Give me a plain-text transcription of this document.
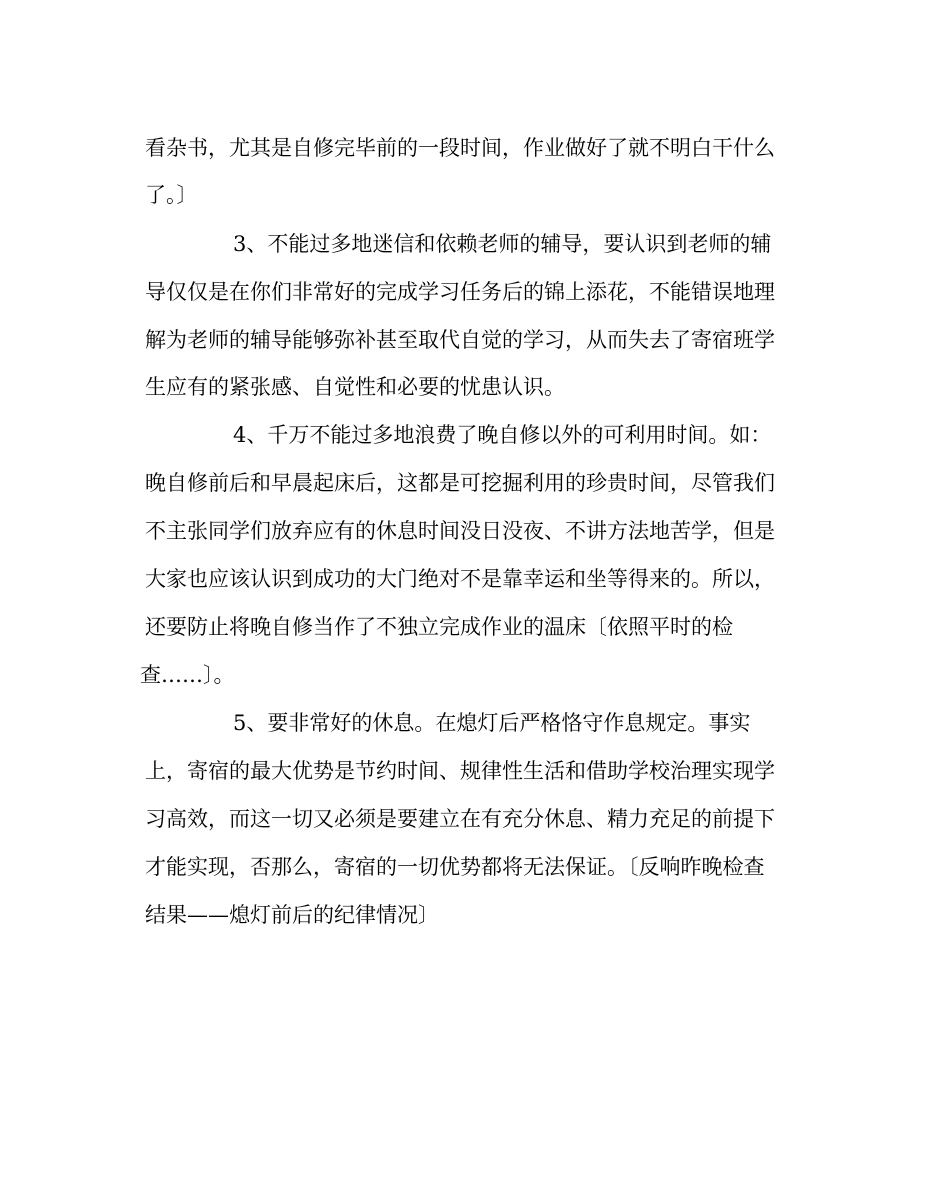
看杂书，尤其是自修完毕前的一段时间，作业做好了就不明白干什么
了。〕
3、不能过多地迷信和依赖老师的辅导，要认识到老师的辅
导仅仅是在你们非常好的完成学习任务后的锦上添花，不能错误地理
解为老师的辅导能够弥补甚至取代自觉的学习，从而失去了寄宿班学
生应有的紧张感、自觉性和必要的忧患认识。
4、千万不能过多地浪费了晚自修以外的可利用时间。如：
晚自修前后和早晨起床后，这都是可挖掘利用的珍贵时间，尽管我们
不主张同学们放弃应有的休息时间没日没夜、不讲方法地苦学，但是
大家也应该认识到成功的大门绝对不是靠幸运和坐等得来的。所以，
还要防止将晚自修当作了不独立完成作业的温床〔依照平时的检
查……〕。
5、要非常好的休息。在熄灯后严格恪守作息规定。事实
上，寄宿的最大优势是节约时间、规律性生活和借助学校治理实现学
习高效，而这一切又必须是要建立在有充分休息、精力充足的前提下
才能实现，否那么，寄宿的一切优势都将无法保证。〔反响昨晚检查
结果——熄灯前后的纪律情况〕
